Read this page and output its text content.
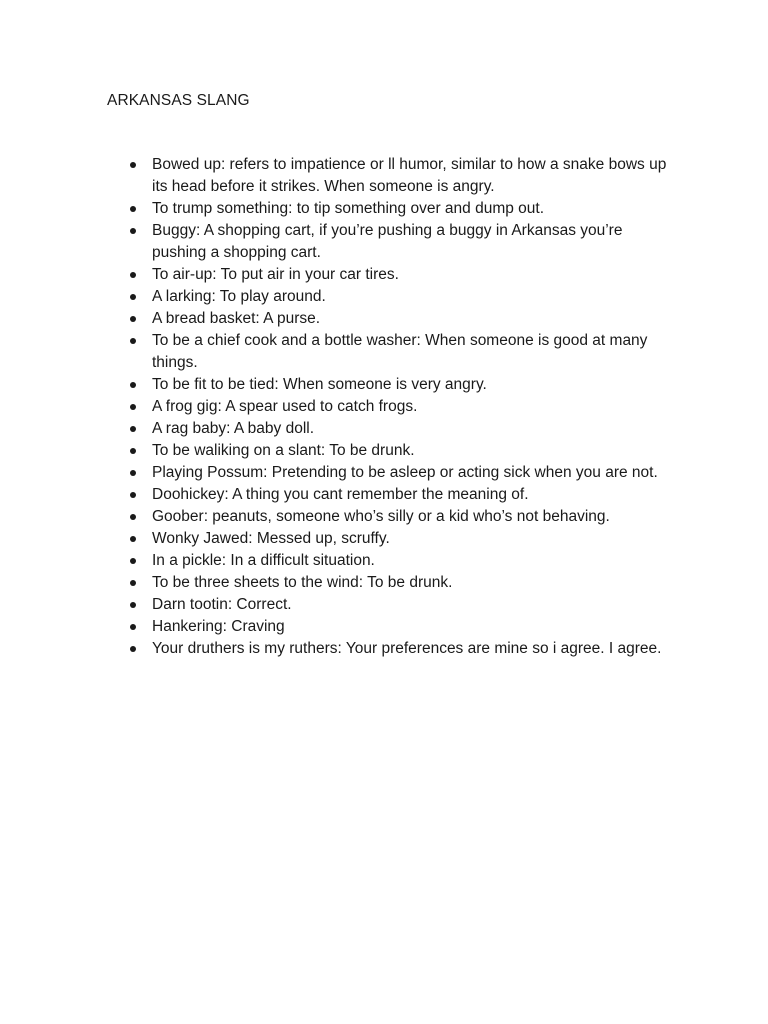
ARKANSAS SLANG
Bowed up: refers to impatience or ll humor, similar to how a snake bows up its head before it strikes. When someone is angry.
To trump something: to tip something over and dump out.
Buggy: A shopping cart, if you’re pushing a buggy in Arkansas you’re pushing a shopping cart.
To air-up: To put air in your car tires.
A larking: To play around.
A bread basket: A purse.
To be a chief cook and a bottle washer: When someone is good at many things.
To be fit to be tied: When someone is very angry.
A frog gig: A spear used to catch frogs.
A rag baby: A baby doll.
To be waliking on a slant: To be drunk.
Playing Possum: Pretending to be asleep or acting sick when you are not.
Doohickey: A thing you cant remember the meaning of.
Goober: peanuts, someone who’s silly or a kid who’s not behaving.
Wonky Jawed: Messed up, scruffy.
In a pickle: In a difficult situation.
To be three sheets to the wind: To be drunk.
Darn tootin: Correct.
Hankering: Craving
Your druthers is my ruthers: Your preferences are mine so i agree. I agree.
